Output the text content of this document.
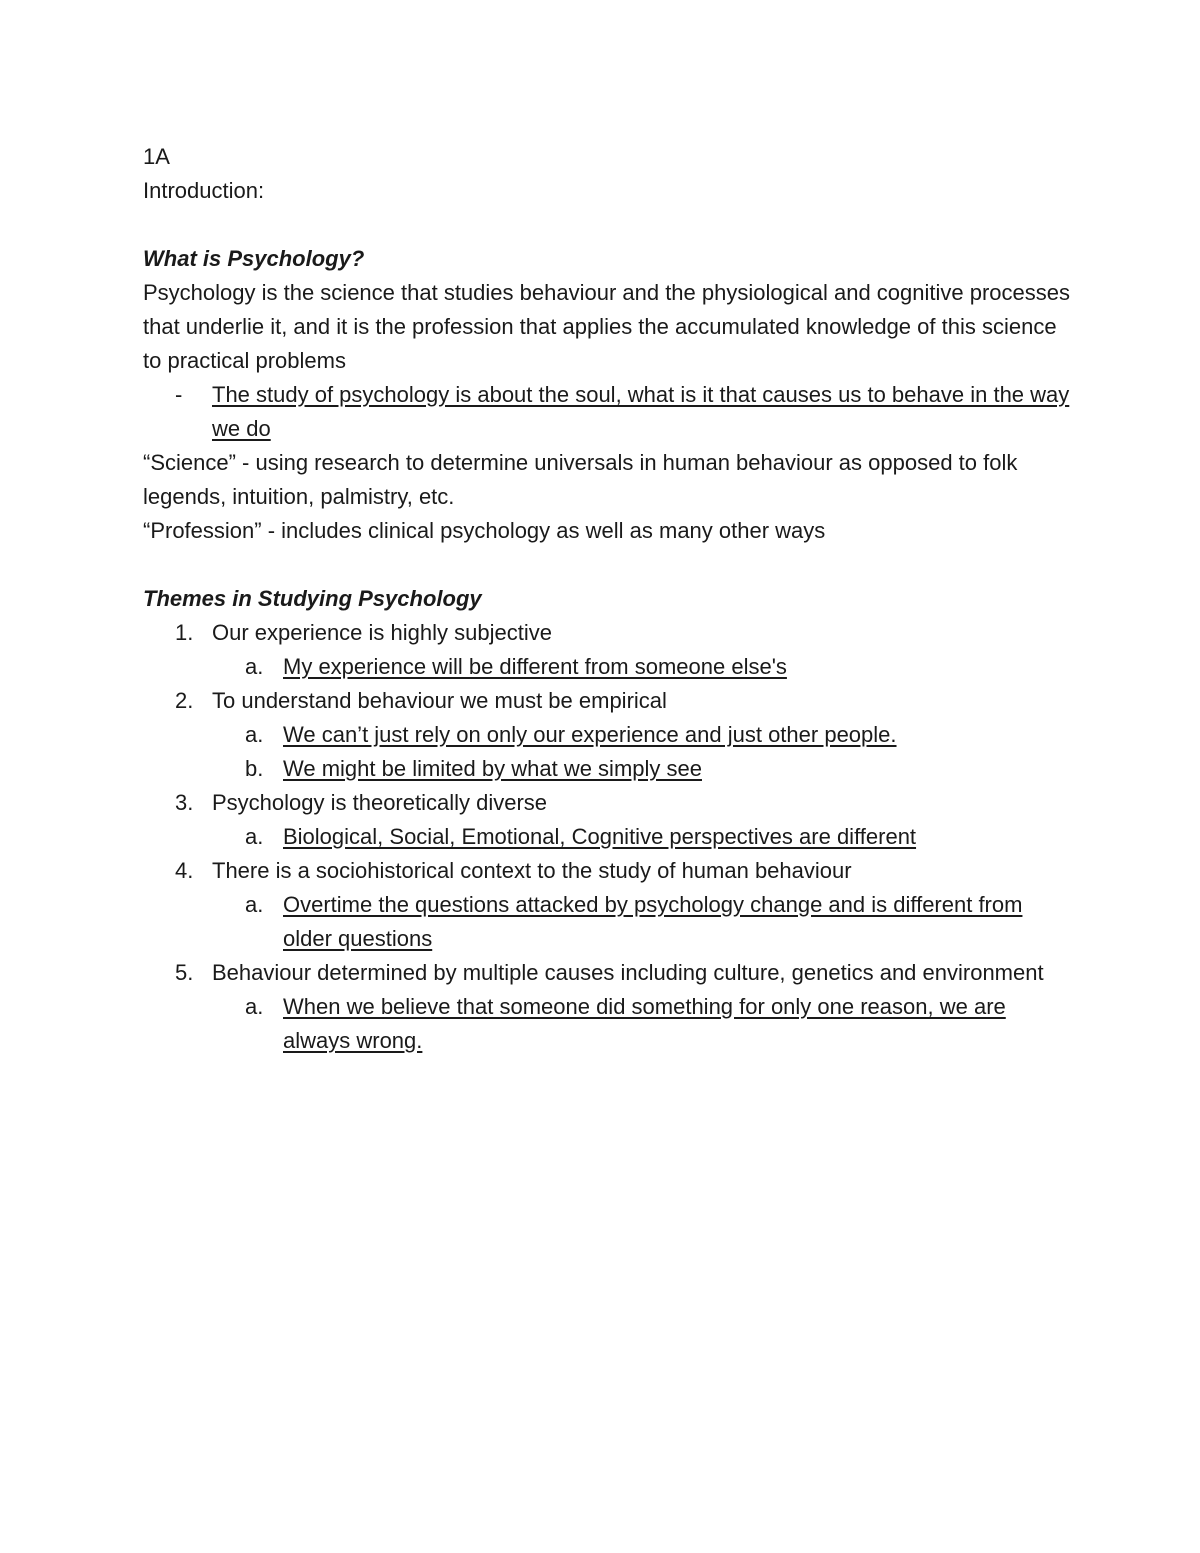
1A

Introduction:

What is Psychology?

Psychology is the science that studies behaviour and the physiological and cognitive processes that underlie it, and it is the profession that applies the accumulated knowledge of this science to practical problems

- The study of psychology is about the soul, what is it that causes us to behave in the way we do

“Science” - using research to determine universals in human behaviour as opposed to folk legends, intuition, palmistry, etc.

“Profession” - includes clinical psychology as well as many other ways

Themes in Studying Psychology

1. Our experience is highly subjective
a. My experience will be different from someone else's
2. To understand behaviour we must be empirical
a. We can’t just rely on only our experience and just other people.
b. We might be limited by what we simply see
3. Psychology is theoretically diverse
a. Biological, Social, Emotional, Cognitive perspectives are different
4. There is a sociohistorical context to the study of human behaviour
a. Overtime the questions attacked by psychology change and is different from older questions
5. Behaviour determined by multiple causes including culture, genetics and environment
a. When we believe that someone did something for only one reason, we are always wrong.
